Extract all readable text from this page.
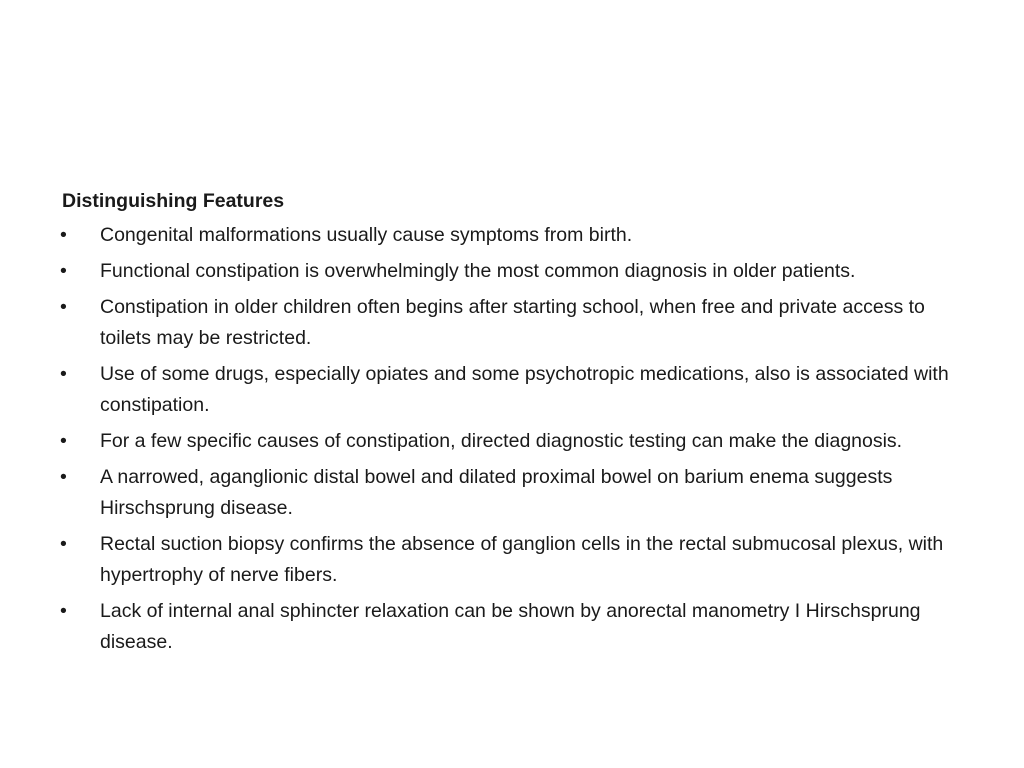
Distinguishing Features
•	Congenital malformations usually cause symptoms from birth.
•	Functional constipation is overwhelmingly the most common diagnosis in older patients.
•	Constipation in older children often begins after starting school, when free and private access to toilets may be restricted.
•	Use of some drugs, especially opiates and some psychotropic medications, also is associated with constipation.
•	For a few specific causes of constipation, directed diagnostic testing can make the diagnosis.
•	A narrowed, aganglionic distal bowel and dilated proximal bowel on barium enema suggests Hirschsprung disease.
•	Rectal suction biopsy confirms the absence of ganglion cells in the rectal submucosal plexus, with hypertrophy of nerve fibers.
•	Lack of internal anal sphincter relaxation can be shown by anorectal manometry I Hirschsprung disease.
